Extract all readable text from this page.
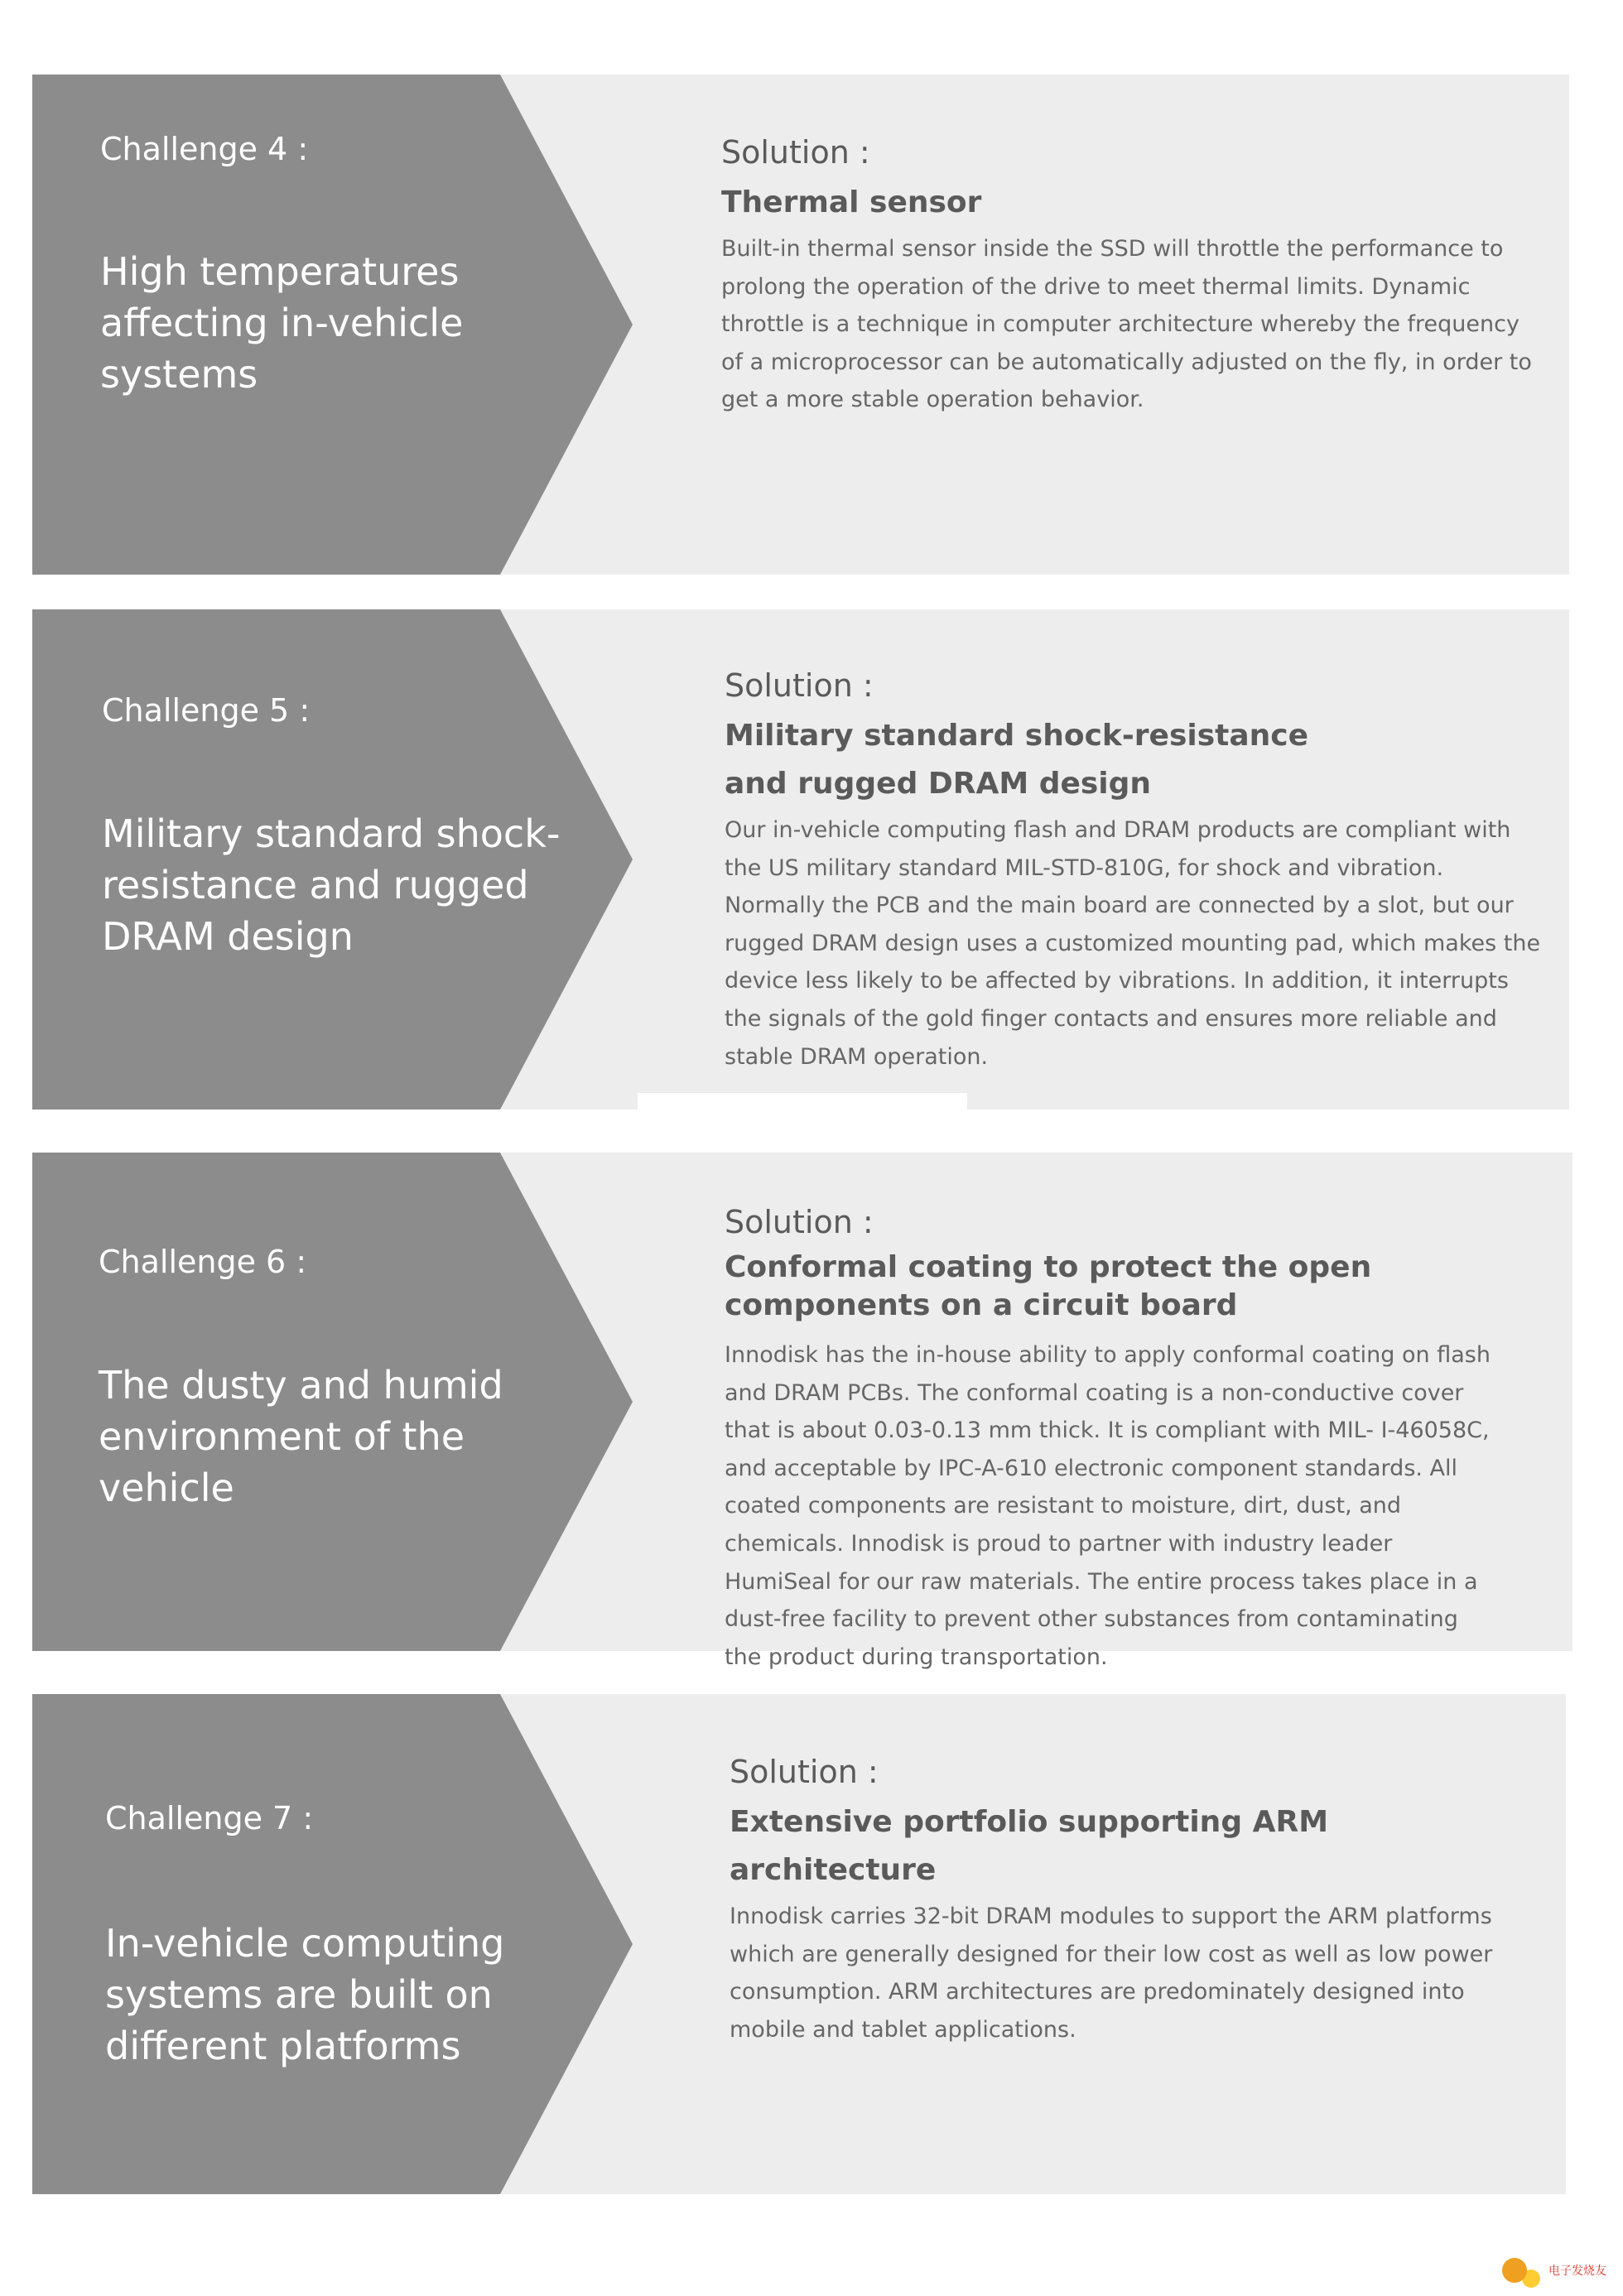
Challenge 4 :
High temperatures affecting in-vehicle systems
Solution :
Thermal sensor
Built-in thermal sensor inside the SSD will throttle the performance to prolong the operation of the drive to meet thermal limits. Dynamic throttle is a technique in computer architecture whereby the frequency of a microprocessor can be automatically adjusted on the fly, in order to get a more stable operation behavior.
Challenge 5 :
Military standard shock-resistance and rugged DRAM design
Solution :
Military standard shock-resistance and rugged DRAM design
Our in-vehicle computing flash and DRAM products are compliant with the US military standard MIL-STD-810G, for shock and vibration. Normally the PCB and the main board are connected by a slot, but our rugged DRAM design uses a customized mounting pad, which makes the device less likely to be affected by vibrations. In addition, it interrupts the signals of the gold finger contacts and ensures more reliable and stable DRAM operation.
Challenge 6 :
The dusty and humid environment of the vehicle
Solution :
Conformal coating to protect the open components on a circuit board
Innodisk has the in-house ability to apply conformal coating on flash and DRAM PCBs. The conformal coating is a non-conductive cover that is about 0.03-0.13 mm thick. It is compliant with MIL- I-46058C, and acceptable by IPC-A-610 electronic component standards. All coated components are resistant to moisture, dirt, dust, and chemicals. Innodisk is proud to partner with industry leader HumiSeal for our raw materials. The entire process takes place in a dust-free facility to prevent other substances from contaminating the product during transportation.
Challenge 7 :
In-vehicle computing systems are built on different platforms
Solution :
Extensive portfolio supporting ARM architecture
Innodisk carries 32-bit DRAM modules to support the ARM platforms which are generally designed for their low cost as well as low power consumption. ARM architectures are predominately designed into mobile and tablet applications.
电子发烧友
